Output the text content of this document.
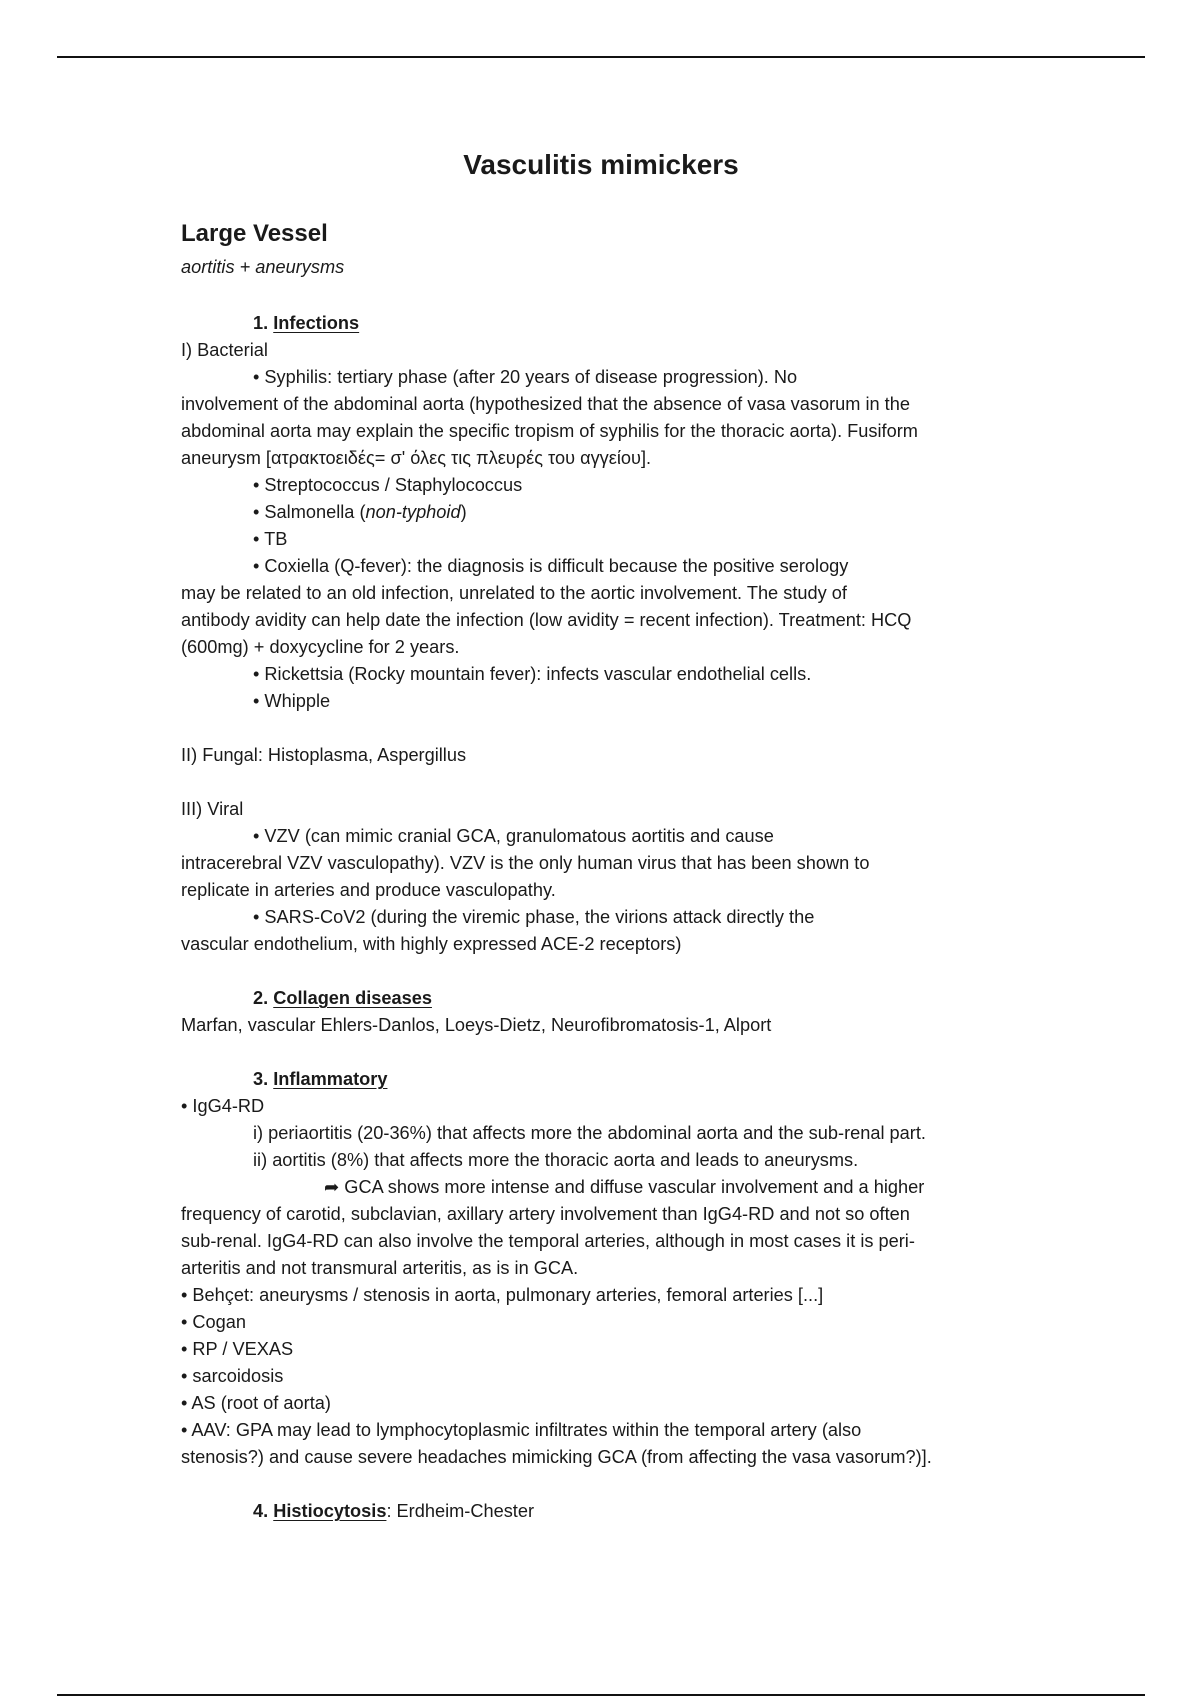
Vasculitis mimickers
Large Vessel
aortitis + aneurysms
1. Infections
I) Bacterial
• Syphilis: tertiary phase (after 20 years of disease progression). No
involvement of the abdominal aorta (hypothesized that the absence of vasa vasorum in the
abdominal aorta may explain the specific tropism of syphilis for the thoracic aorta). Fusiform
aneurysm [ατρακτοειδές= σ' όλες τις πλευρές του αγγείου].
• Streptococcus / Staphylococcus
• Salmonella (non-typhoid)
• TB
• Coxiella (Q-fever): the diagnosis is difficult because the positive serology
may be related to an old infection, unrelated to the aortic involvement. The study of
antibody avidity can help date the infection (low avidity = recent infection). Treatment: HCQ
(600mg) + doxycycline for 2 years.
• Rickettsia (Rocky mountain fever): infects vascular endothelial cells.
• Whipple
II) Fungal: Histoplasma, Aspergillus
III) Viral
• VZV (can mimic cranial GCA, granulomatous aortitis and cause
intracerebral VZV vasculopathy). VZV is the only human virus that has been shown to
replicate in arteries and produce vasculopathy.
• SARS-CoV2 (during the viremic phase, the virions attack directly the
vascular endothelium, with highly expressed ACE-2 receptors)
2. Collagen diseases
Marfan, vascular Ehlers-Danlos, Loeys-Dietz, Neurofibromatosis-1, Alport
3. Inflammatory
• IgG4-RD
i) periaortitis (20-36%) that affects more the abdominal aorta and the sub-renal part.
ii) aortitis (8%) that affects more the thoracic aorta and leads to aneurysms.
➦ GCA shows more intense and diffuse vascular involvement and a higher
frequency of carotid, subclavian, axillary artery involvement than IgG4-RD and not so often
sub-renal. IgG4-RD can also involve the temporal arteries, although in most cases it is peri-
arteritis and not transmural arteritis, as is in GCA.
• Behçet: aneurysms / stenosis in aorta, pulmonary arteries, femoral arteries [...]
• Cogan
• RP / VEXAS
• sarcoidosis
• AS (root of aorta)
• AAV: GPA may lead to lymphocytoplasmic infiltrates within the temporal artery (also
stenosis?) and cause severe headaches mimicking GCA (from affecting the vasa vasorum?)].
4. Histiocytosis: Erdheim-Chester
